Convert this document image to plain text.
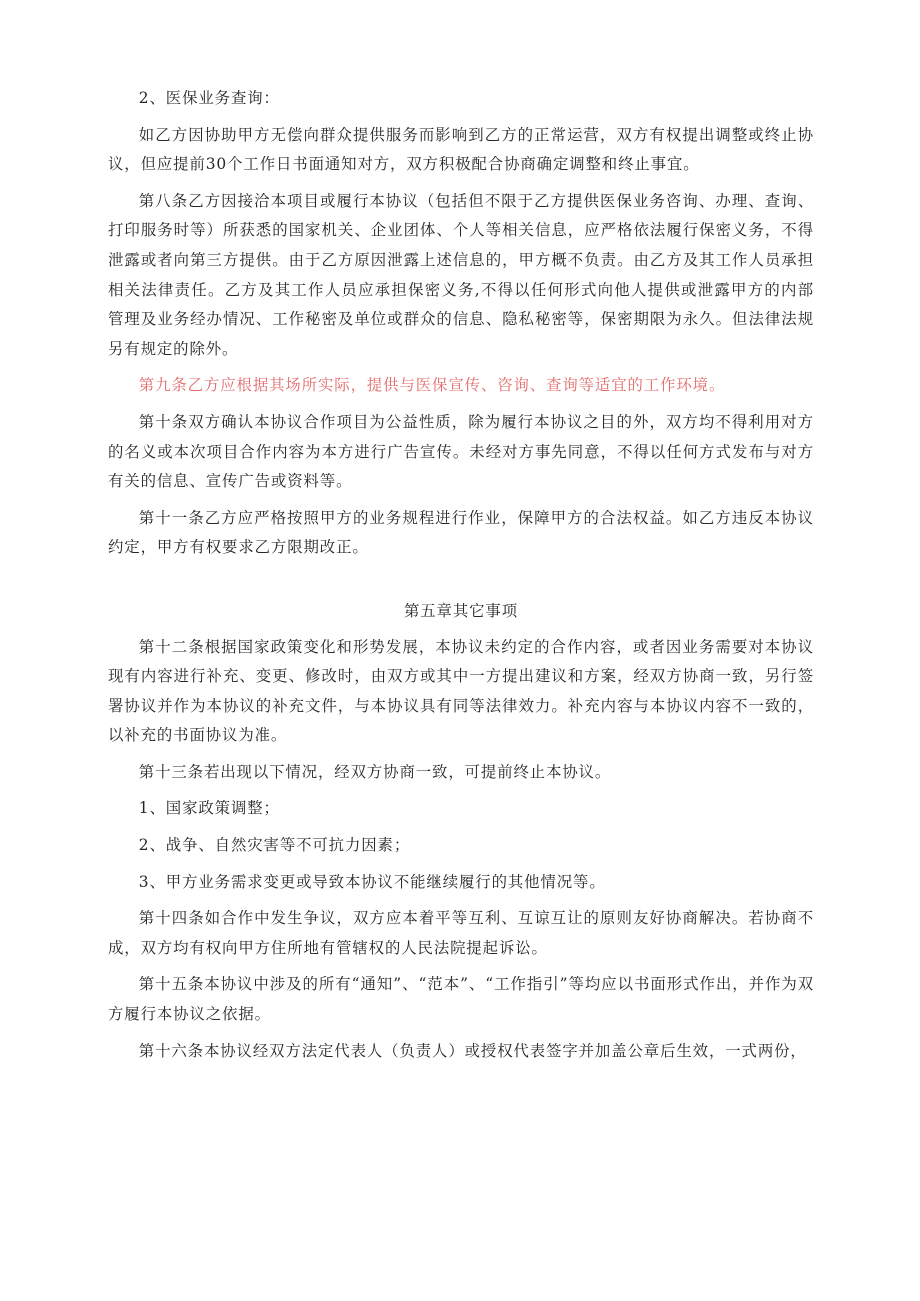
2、医保业务查询：

如乙方因协助甲方无偿向群众提供服务而影响到乙方的正常运营，双方有权提出调整或终止协议，但应提前30个工作日书面通知对方，双方积极配合协商确定调整和终止事宜。

第八条乙方因接洽本项目或履行本协议（包括但不限于乙方提供医保业务咨询、办理、查询、打印服务时等）所获悉的国家机关、企业团体、个人等相关信息，应严格依法履行保密义务，不得泄露或者向第三方提供。由于乙方原因泄露上述信息的，甲方概不负责。由乙方及其工作人员承担相关法律责任。乙方及其工作人员应承担保密义务,不得以任何形式向他人提供或泄露甲方的内部管理及业务经办情况、工作秘密及单位或群众的信息、隐私秘密等，保密期限为永久。但法律法规另有规定的除外。

第九条乙方应根据其场所实际，提供与医保宣传、咨询、查询等适宜的工作环境。

第十条双方确认本协议合作项目为公益性质，除为履行本协议之目的外，双方均不得利用对方的名义或本次项目合作内容为本方进行广告宣传。未经对方事先同意，不得以任何方式发布与对方有关的信息、宣传广告或资料等。

第十一条乙方应严格按照甲方的业务规程进行作业，保障甲方的合法权益。如乙方违反本协议约定，甲方有权要求乙方限期改正。

第五章其它事项

第十二条根据国家政策变化和形势发展，本协议未约定的合作内容，或者因业务需要对本协议现有内容进行补充、变更、修改时，由双方或其中一方提出建议和方案，经双方协商一致，另行签署协议并作为本协议的补充文件，与本协议具有同等法律效力。补充内容与本协议内容不一致的，以补充的书面协议为准。

第十三条若出现以下情况，经双方协商一致，可提前终止本协议。

1、国家政策调整；

2、战争、自然灾害等不可抗力因素；

3、甲方业务需求变更或导致本协议不能继续履行的其他情况等。

第十四条如合作中发生争议，双方应本着平等互利、互谅互让的原则友好协商解决。若协商不成，双方均有权向甲方住所地有管辖权的人民法院提起诉讼。

第十五条本协议中涉及的所有“通知”、“范本”、“工作指引”等均应以书面形式作出，并作为双方履行本协议之依据。

第十六条本协议经双方法定代表人（负责人）或授权代表签字并加盖公章后生效，一式两份，
